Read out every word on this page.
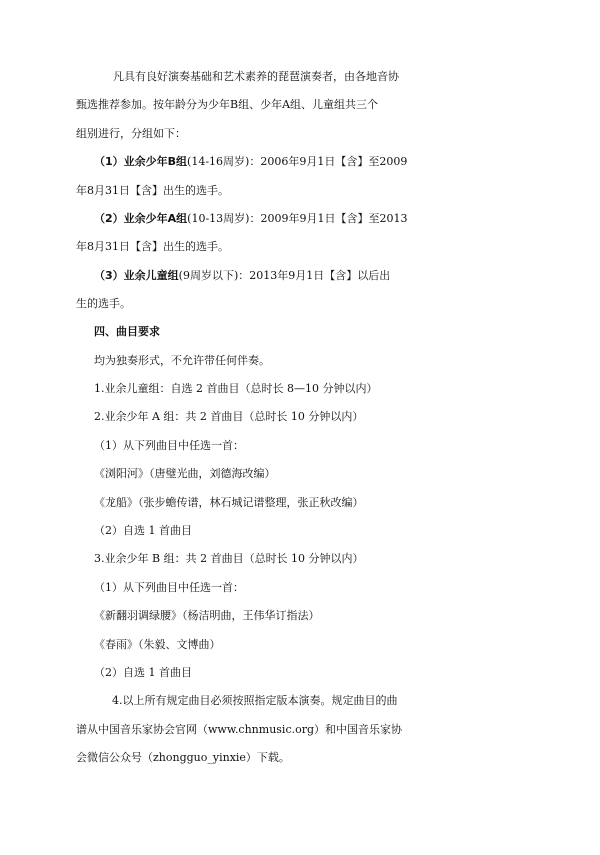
凡具有良好演奏基础和艺术素养的琵琶演奏者，由各地音协
甄选推荐参加。按年龄分为少年B组、少年A组、儿童组共三个
组别进行，分组如下：
（1）业余少年B组(14-16周岁)：2006年9月1日【含】至2009
年8月31日【含】出生的选手。
（2）业余少年A组(10-13周岁)：2009年9月1日【含】至2013
年8月31日【含】出生的选手。
（3）业余儿童组(9周岁以下)：2013年9月1日【含】以后出
生的选手。
四、曲目要求
均为独奏形式，不允许带任何伴奏。
1.业余儿童组：自选 2 首曲目（总时长 8—10 分钟以内）
2.业余少年 A 组：共 2 首曲目（总时长 10 分钟以内）
（1）从下列曲目中任选一首：
《浏阳河》（唐璧光曲，刘德海改编）
《龙船》（张步蟾传谱，林石城记谱整理，张正秋改编）
（2）自选 1 首曲目
3.业余少年 B 组：共 2 首曲目（总时长 10 分钟以内）
（1）从下列曲目中任选一首：
《新翻羽调绿腰》（杨洁明曲，王伟华订指法）
《春雨》（朱毅、文博曲）
（2）自选 1 首曲目
4.以上所有规定曲目必须按照指定版本演奏。规定曲目的曲
谱从中国音乐家协会官网（www.chnmusic.org）和中国音乐家协
会微信公众号（zhongguo_yinxie）下载。
